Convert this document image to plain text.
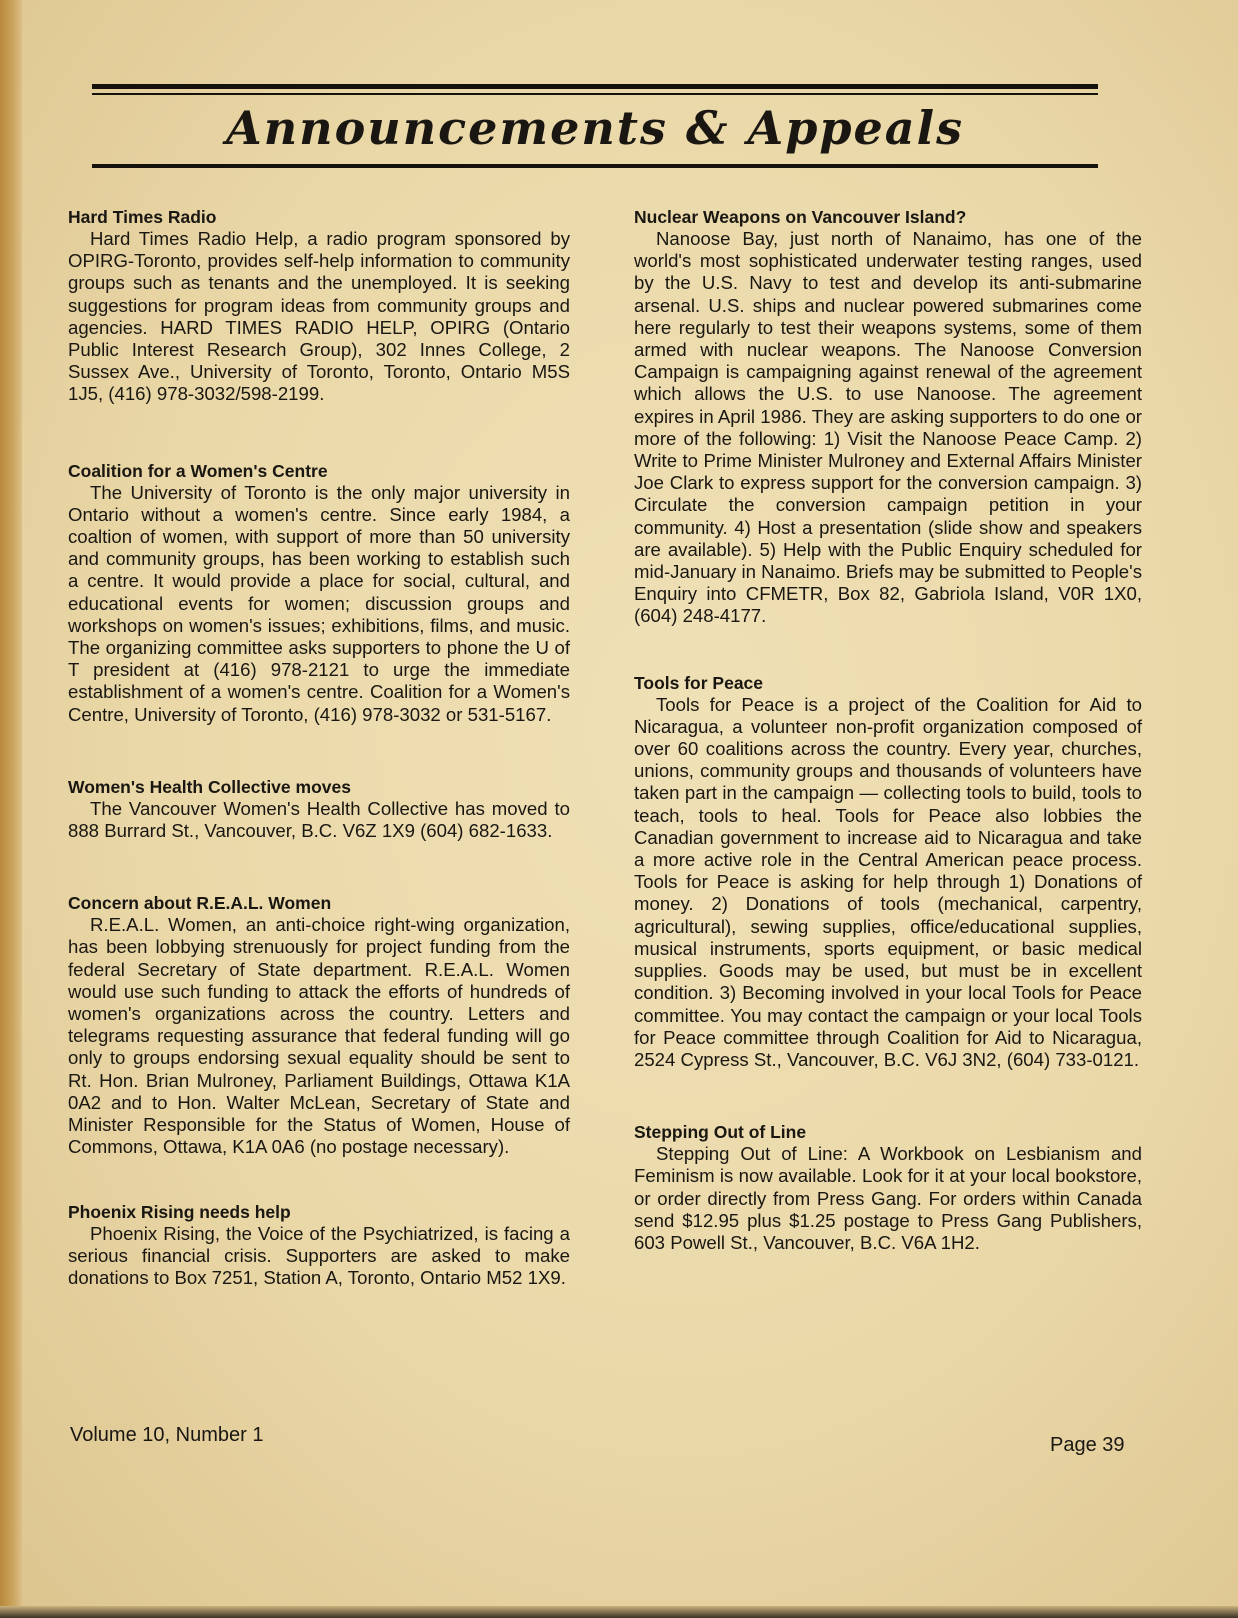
Announcements & Appeals
Hard Times Radio

Hard Times Radio Help, a radio program sponsored by OPIRG-Toronto, provides self-help information to community groups such as tenants and the unemployed. It is seeking suggestions for program ideas from community groups and agencies. HARD TIMES RADIO HELP, OPIRG (Ontario Public Interest Research Group), 302 Innes College, 2 Sussex Ave., University of Toronto, Toronto, Ontario M5S 1J5, (416) 978-3032/598-2199.

Coalition for a Women's Centre

The University of Toronto is the only major university in Ontario without a women's centre. Since early 1984, a coaltion of women, with support of more than 50 university and community groups, has been working to establish such a centre. It would provide a place for social, cultural, and educational events for women; discussion groups and workshops on women's issues; exhibitions, films, and music. The organizing committee asks supporters to phone the U of T president at (416) 978-2121 to urge the immediate establishment of a women's centre. Coalition for a Women's Centre, University of Toronto, (416) 978-3032 or 531-5167.

Women's Health Collective moves

The Vancouver Women's Health Collective has moved to 888 Burrard St., Vancouver, B.C. V6Z 1X9 (604) 682-1633.

Concern about R.E.A.L. Women

R.E.A.L. Women, an anti-choice right-wing organization, has been lobbying strenuously for project funding from the federal Secretary of State department. R.E.A.L. Women would use such funding to attack the efforts of hundreds of women's organizations across the country. Letters and telegrams requesting assurance that federal funding will go only to groups endorsing sexual equality should be sent to Rt. Hon. Brian Mulroney, Parliament Buildings, Ottawa K1A 0A2 and to Hon. Walter McLean, Secretary of State and Minister Responsible for the Status of Women, House of Commons, Ottawa, K1A 0A6 (no postage necessary).

Phoenix Rising needs help

Phoenix Rising, the Voice of the Psychiatrized, is facing a serious financial crisis. Supporters are asked to make donations to Box 7251, Station A, Toronto, Ontario M52 1X9.

Nuclear Weapons on Vancouver Island?

Nanoose Bay, just north of Nanaimo, has one of the world's most sophisticated underwater testing ranges, used by the U.S. Navy to test and develop its anti-submarine arsenal. U.S. ships and nuclear powered submarines come here regularly to test their weapons systems, some of them armed with nuclear weapons. The Nanoose Conversion Campaign is campaigning against renewal of the agreement which allows the U.S. to use Nanoose. The agreement expires in April 1986. They are asking supporters to do one or more of the following: 1) Visit the Nanoose Peace Camp. 2) Write to Prime Minister Mulroney and External Affairs Minister Joe Clark to express support for the conversion campaign. 3) Circulate the conversion campaign petition in your community. 4) Host a presentation (slide show and speakers are available). 5) Help with the Public Enquiry scheduled for mid-January in Nanaimo. Briefs may be submitted to People's Enquiry into CFMETR, Box 82, Gabriola Island, V0R 1X0, (604) 248-4177.

Tools for Peace

Tools for Peace is a project of the Coalition for Aid to Nicaragua, a volunteer non-profit organization composed of over 60 coalitions across the country. Every year, churches, unions, community groups and thousands of volunteers have taken part in the campaign — collecting tools to build, tools to teach, tools to heal. Tools for Peace also lobbies the Canadian government to increase aid to Nicaragua and take a more active role in the Central American peace process. Tools for Peace is asking for help through 1) Donations of money. 2) Donations of tools (mechanical, carpentry, agricultural), sewing supplies, office/educational supplies, musical instruments, sports equipment, or basic medical supplies. Goods may be used, but must be in excellent condition. 3) Becoming involved in your local Tools for Peace committee. You may contact the campaign or your local Tools for Peace committee through Coalition for Aid to Nicaragua, 2524 Cypress St., Vancouver, B.C. V6J 3N2, (604) 733-0121.

Stepping Out of Line

Stepping Out of Line: A Workbook on Lesbianism and Feminism is now available. Look for it at your local bookstore, or order directly from Press Gang. For orders within Canada send $12.95 plus $1.25 postage to Press Gang Publishers, 603 Powell St., Vancouver, B.C. V6A 1H2.

Volume 10, Number 1	Page 39
